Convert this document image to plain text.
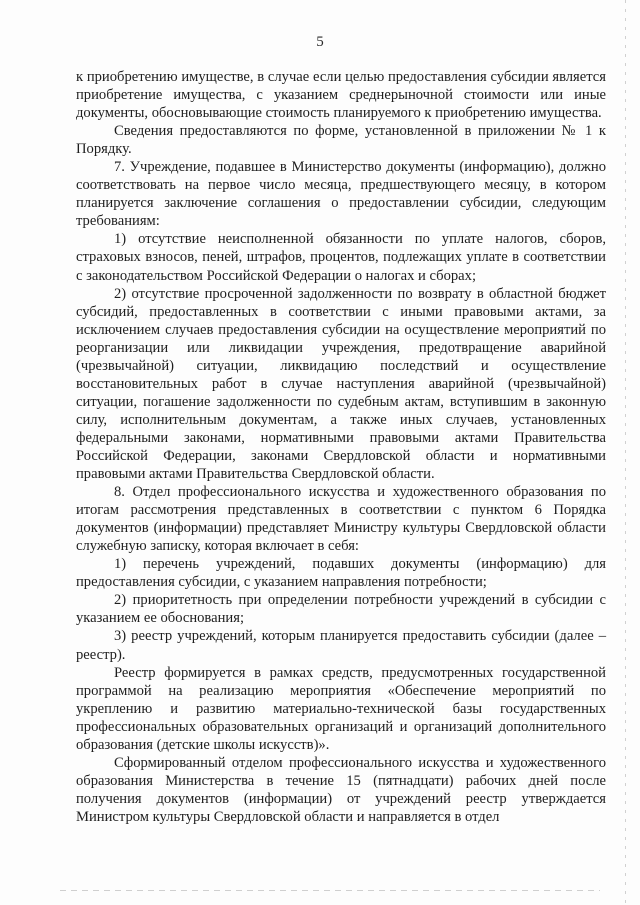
5

к приобретению имуществе, в случае если целью предоставления субсидии является приобретение имущества, с указанием среднерыночной стоимости или иные документы, обосновывающие стоимость планируемого к приобретению имущества.

Сведения предоставляются по форме, установленной в приложении № 1 к Порядку.

7. Учреждение, подавшее в Министерство документы (информацию), должно соответствовать на первое число месяца, предшествующего месяцу, в котором планируется заключение соглашения о предоставлении субсидии, следующим требованиям:

1) отсутствие неисполненной обязанности по уплате налогов, сборов, страховых взносов, пеней, штрафов, процентов, подлежащих уплате в соответствии с законодательством Российской Федерации о налогах и сборах;

2) отсутствие просроченной задолженности по возврату в областной бюджет субсидий, предоставленных в соответствии с иными правовыми актами, за исключением случаев предоставления субсидии на осуществление мероприятий по реорганизации или ликвидации учреждения, предотвращение аварийной (чрезвычайной) ситуации, ликвидацию последствий и осуществление восстановительных работ в случае наступления аварийной (чрезвычайной) ситуации, погашение задолженности по судебным актам, вступившим в законную силу, исполнительным документам, а также иных случаев, установленных федеральными законами, нормативными правовыми актами Правительства Российской Федерации, законами Свердловской области и нормативными правовыми актами Правительства Свердловской области.

8. Отдел профессионального искусства и художественного образования по итогам рассмотрения представленных в соответствии с пунктом 6 Порядка документов (информации) представляет Министру культуры Свердловской области служебную записку, которая включает в себя:

1) перечень учреждений, подавших документы (информацию) для предоставления субсидии, с указанием направления потребности;

2) приоритетность при определении потребности учреждений в субсидии с указанием ее обоснования;

3) реестр учреждений, которым планируется предоставить субсидии (далее – реестр).

Реестр формируется в рамках средств, предусмотренных государственной программой на реализацию мероприятия «Обеспечение мероприятий по укреплению и развитию материально-технической базы государственных профессиональных образовательных организаций и организаций дополнительного образования (детские школы искусств)».

Сформированный отделом профессионального искусства и художественного образования Министерства в течение 15 (пятнадцати) рабочих дней после получения документов (информации) от учреждений реестр утверждается Министром культуры Свердловской области и направляется в отдел
